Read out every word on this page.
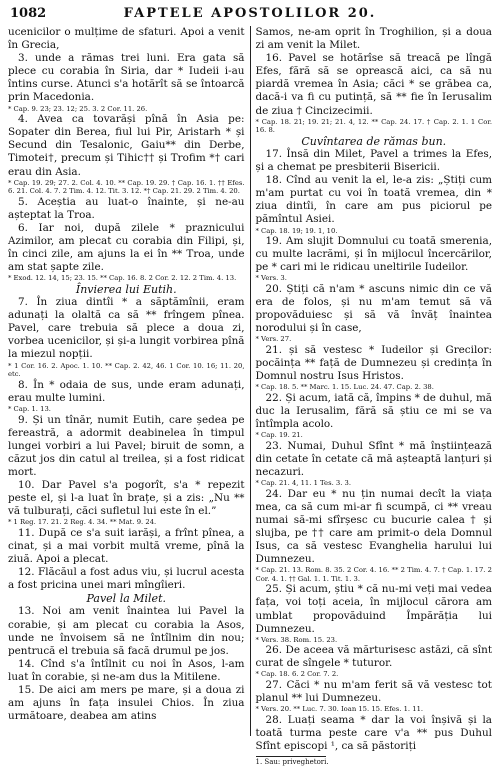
1082	FAPTELE APOSTOLILOR 20.

ucenicilor o mulțime de sfaturi. Apoi a venit în Grecia,

3. unde a rămas trei luni. Era gata să plece cu corabia în Siria, dar * Iudeii i-au întins curse. Atunci s'a hotărît să se întoarcă prin Macedonia.

* Cap. 9. 23; 23. 12; 25. 3. 2 Cor. 11. 26.

4. Avea ca tovarăși pînă în Asia pe: Sopater din Berea, fiul lui Pir, Aristarh * și Secund din Tesalonic, Gaiu** din Derbe, Timotei†, precum și Tihic†† și Trofim *† cari erau din Asia.

* Cap. 19. 29; 27. 2. Col. 4. 10. ** Cap. 19. 29. † Cap. 16. 1. †† Efes. 6. 21. Col. 4. 7. 2 Tim. 4. 12. Tit. 3. 12. *† Cap. 21. 29. 2 Tim. 4. 20.

5. Aceștia au luat-o înainte, și ne-au așteptat la Troa.

6. Iar noi, după zilele * praznicului Azimilor, am plecat cu corabia din Filipi, și, în cinci zile, am ajuns la ei în ** Troa, unde am stat șapte zile.

* Exod. 12. 14, 15; 23. 15. ** Cap. 16. 8. 2 Cor. 2. 12. 2 Tim. 4. 13.

Învierea lui Eutih.

7. În ziua dintîi * a săptămînii, eram adunați la olaltă ca să ** frîngem pînea. Pavel, care trebuia să plece a doua zi, vorbea ucenicilor, și și-a lungit vorbirea pînă la miezul nopții.

* 1 Cor. 16. 2. Apoc. 1. 10. ** Cap. 2. 42, 46. 1 Cor. 10. 16; 11. 20, etc.

8. În * odaia de sus, unde eram adunați, erau multe lumini.

* Cap. 1. 13.

9. Și un tînăr, numit Eutih, care ședea pe fereastră, a adormit deabinelea în timpul lungei vorbiri a lui Pavel; biruit de somn, a căzut jos din catul al treilea, și a fost ridicat mort.

10. Dar Pavel s'a pogorît, s'a * repezit peste el, și l-a luat în brațe, și a zis: „Nu ** vă tulburați, căci sufletul lui este în el.”

* 1 Reg. 17. 21. 2 Reg. 4. 34. ** Mat. 9. 24.

11. După ce s'a suit iarăși, a frînt pînea, a cinat, și a mai vorbit multă vreme, pînă la ziuă. Apoi a plecat.

12. Flăcăul a fost adus viu, și lucrul acesta a fost pricina unei mari mîngîieri.

Pavel la Milet.

13. Noi am venit înaintea lui Pavel la corabie, și am plecat cu corabia la Asos, unde ne învoisem să ne întîlnim din nou; pentrucă el trebuia să facă drumul pe jos.

14. Cînd s'a întîlnit cu noi în Asos, l-am luat în corabie, și ne-am dus la Mitilene.

15. De aici am mers pe mare, și a doua zi am ajuns în fața insulei Chios. În ziua următoare, deabea am atins

Samos, ne-am oprit în Troghilion, și a doua zi am venit la Milet.

16. Pavel se hotărîse să treacă pe lîngă Efes, fără să se oprească aici, ca să nu piardă vremea în Asia; căci * se grăbea ca, dacă-i va fi cu putință, să ** fie în Ierusalim de ziua † Cincizecimii.

* Cap. 18. 21; 19. 21; 21. 4, 12. ** Cap. 24. 17. † Cap. 2. 1. 1 Cor. 16. 8.

Cuvîntarea de rămas bun.

17. Însă din Milet, Pavel a trimes la Efes, și a chemat pe presbiterii Bisericii.

18. Cînd au venit la el, le-a zis: „Știți cum m'am purtat cu voi în toată vremea, din * ziua dintîi, în care am pus piciorul pe pămîntul Asiei.

* Cap. 18. 19; 19. 1, 10.

19. Am slujit Domnului cu toată smerenia, cu multe lacrămi, și în mijlocul încercărilor, pe * cari mi le ridicau uneltirile Iudeilor.

* Vers. 3.

20. Știți că n'am * ascuns nimic din ce vă era de folos, și nu m'am temut să vă propovăduiesc și să vă învăț înaintea norodului și în case,

* Vers. 27.

21. și să vestesc * Iudeilor și Grecilor: pocăința ** față de Dumnezeu și credința în Domnul nostru Isus Hristos.

* Cap. 18. 5. ** Marc. 1. 15. Luc. 24. 47. Cap. 2. 38.

22. Și acum, iată că, împins * de duhul, mă duc la Ierusalim, fără să știu ce mi se va întîmpla acolo.

* Cap. 19. 21.

23. Numai, Duhul Sfînt * mă înștiințează din cetate în cetate că mă așteaptă lanțuri și necazuri.

* Cap. 21. 4, 11. 1 Tes. 3. 3.

24. Dar eu * nu țin numai decît la viața mea, ca să cum mi-ar fi scumpă, ci ** vreau numai să-mi sfîrșesc cu bucurie calea † și slujba, pe †† care am primit-o dela Domnul Isus, ca să vestesc Evanghelia harului lui Dumnezeu.

* Cap. 21. 13. Rom. 8. 35. 2 Cor. 4. 16. ** 2 Tim. 4. 7. † Cap. 1. 17. 2 Cor. 4. 1. †† Gal. 1. 1. Tit. 1. 3.

25. Și acum, știu * că nu-mi veți mai vedea fața, voi toți aceia, în mijlocul cărora am umblat propovăduind Împărăția lui Dumnezeu.

* Vers. 38. Rom. 15. 23.

26. De aceea vă mărturisesc astăzi, că sînt curat de sîngele * tuturor.

* Cap. 18. 6. 2 Cor. 7. 2.

27. Căci * nu m'am ferit să vă vestesc tot planul ** lui Dumnezeu.

* Vers. 20. ** Luc. 7. 30. Ioan 15. 15. Efes. 1. 11.

28. Luați seama * dar la voi înșivă și la toată turma peste care v'a ** pus Duhul Sfînt episcopi ¹, ca să păstoriți

1. Sau: priveghetori.
